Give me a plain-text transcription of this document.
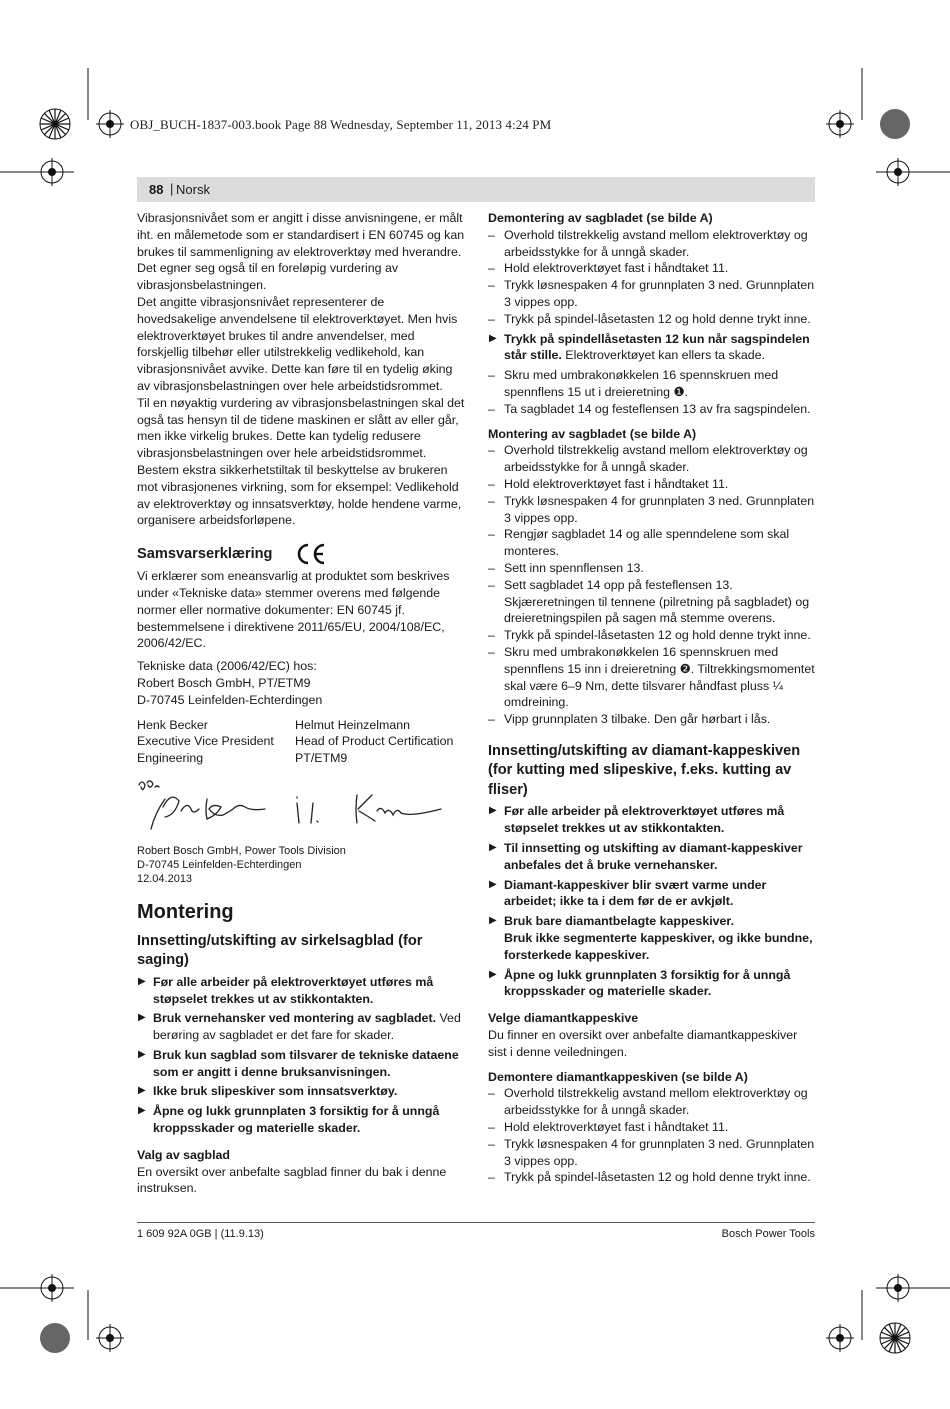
OBJ_BUCH-1837-003.book Page 88 Wednesday, September 11, 2013 4:24 PM
88 | Norsk

Vibrasjonsnivået som er angitt i disse anvisningene, er målt iht. en målemetode som er standardisert i EN 60745 og kan brukes til sammenligning av elektroverktøy med hverandre. Det egner seg også til en foreløpig vurdering av vibrasjonsbelastningen.

Det angitte vibrasjonsnivået representerer de hovedsakelige anvendelsene til elektroverktøyet. Men hvis elektroverktøyet brukes til andre anvendelser, med forskjellig tilbehør eller utilstrekkelig vedlikehold, kan vibrasjonsnivået avvike. Dette kan føre til en tydelig øking av vibrasjonsbelastningen over hele arbeidstidsrommet.

Til en nøyaktig vurdering av vibrasjonsbelastningen skal det også tas hensyn til de tidene maskinen er slått av eller går, men ikke virkelig brukes. Dette kan tydelig redusere vibrasjonsbelastningen over hele arbeidstidsrommet.

Bestem ekstra sikkerhetstiltak til beskyttelse av brukeren mot vibrasjonenes virkning, som for eksempel: Vedlikehold av elektroverktøy og innsatsverktøy, holde hendene varme, organisere arbeidsforløpene.

Samsvarserklæring

Vi erklærer som eneansvarlig at produktet som beskrives under «Tekniske data» stemmer overens med følgende normer eller normative dokumenter: EN 60745 jf. bestemmelsene i direktivene 2011/65/EU, 2004/108/EC, 2006/42/EC.

Tekniske data (2006/42/EC) hos:

Robert Bosch GmbH, PT/ETM9

D-70745 Leinfelden-Echterdingen

Henk Becker

Executive Vice President

Engineering

Helmut Heinzelmann

Head of Product Certification

PT/ETM9

Robert Bosch GmbH, Power Tools Division

D-70745 Leinfelden-Echterdingen

12.04.2013

Montering
Innsetting/utskifting av sirkelsagblad (for saging)
▶ Før alle arbeider på elektroverktøyet utføres må støpselet trekkes ut av stikkontakten.
▶ Bruk vernehansker ved montering av sagbladet. Ved berøring av sagbladet er det fare for skader.
▶ Bruk kun sagblad som tilsvarer de tekniske dataene som er angitt i denne bruksanvisningen.
▶ Ikke bruk slipeskiver som innsatsverktøy.
▶ Åpne og lukk grunnplaten 3 forsiktig for å unngå kroppsskader og materielle skader.

Valg av sagblad

En oversikt over anbefalte sagblad finner du bak i denne instruksen.

Demontering av sagbladet (se bilde A)

– Overhold tilstrekkelig avstand mellom elektroverktøy og arbeidsstykke for å unngå skader.
– Hold elektroverktøyet fast i håndtaket 11.
– Trykk løsnespaken 4 for grunnplaten 3 ned. Grunnplaten 3 vippes opp.
– Trykk på spindel-låsetasten 12 og hold denne trykt inne.
▶ Trykk på spindellåsetasten 12 kun når sagspindelen står stille. Elektroverktøyet kan ellers ta skade.
– Skru med umbrakonøkkelen 16 spennskruen med spennflens 15 ut i dreieretning ❶.
– Ta sagbladet 14 og festeflensen 13 av fra sagspindelen.

Montering av sagbladet (se bilde A)

– Overhold tilstrekkelig avstand mellom elektroverktøy og arbeidsstykke for å unngå skader.
– Hold elektroverktøyet fast i håndtaket 11.
– Trykk løsnespaken 4 for grunnplaten 3 ned. Grunnplaten 3 vippes opp.
– Rengjør sagbladet 14 og alle spenndelene som skal monteres.
– Sett inn spennflensen 13.
– Sett sagbladet 14 opp på festeflensen 13. Skjæreretningen til tennene (pilretning på sagbladet) og dreieretningspilen på sagen må stemme overens.
– Trykk på spindel-låsetasten 12 og hold denne trykt inne.
– Skru med umbrakonøkkelen 16 spennskruen med spennflens 15 inn i dreieretning ❷. Tiltrekkingsmomentet skal være 6–9 Nm, dette tilsvarer håndfast pluss ¼ omdreining.
– Vipp grunnplaten 3 tilbake. Den går hørbart i lås.
Innsetting/utskifting av diamant-kappeskiven (for kutting med slipeskive, f.eks. kutting av fliser)
▶ Før alle arbeider på elektroverktøyet utføres må støpselet trekkes ut av stikkontakten.
▶ Til innsetting og utskifting av diamant-kappeskiver anbefales det å bruke vernehansker.
▶ Diamant-kappeskiver blir svært varme under arbeidet; ikke ta i dem før de er avkjølt.
▶ Bruk bare diamantbelagte kappeskiver.
Bruk ikke segmenterte kappeskiver, og ikke bundne, forsterkede kappeskiver.
▶ Åpne og lukk grunnplaten 3 forsiktig for å unngå kroppsskader og materielle skader.

Velge diamantkappeskive

Du finner en oversikt over anbefalte diamantkappeskiver sist i denne veiledningen.

Demontere diamantkappeskiven (se bilde A)

– Overhold tilstrekkelig avstand mellom elektroverktøy og arbeidsstykke for å unngå skader.
– Hold elektroverktøyet fast i håndtaket 11.
– Trykk løsnespaken 4 for grunnplaten 3 ned. Grunnplaten 3 vippes opp.
– Trykk på spindel-låsetasten 12 og hold denne trykt inne.
1 609 92A 0GB | (11.9.13)	Bosch Power Tools
